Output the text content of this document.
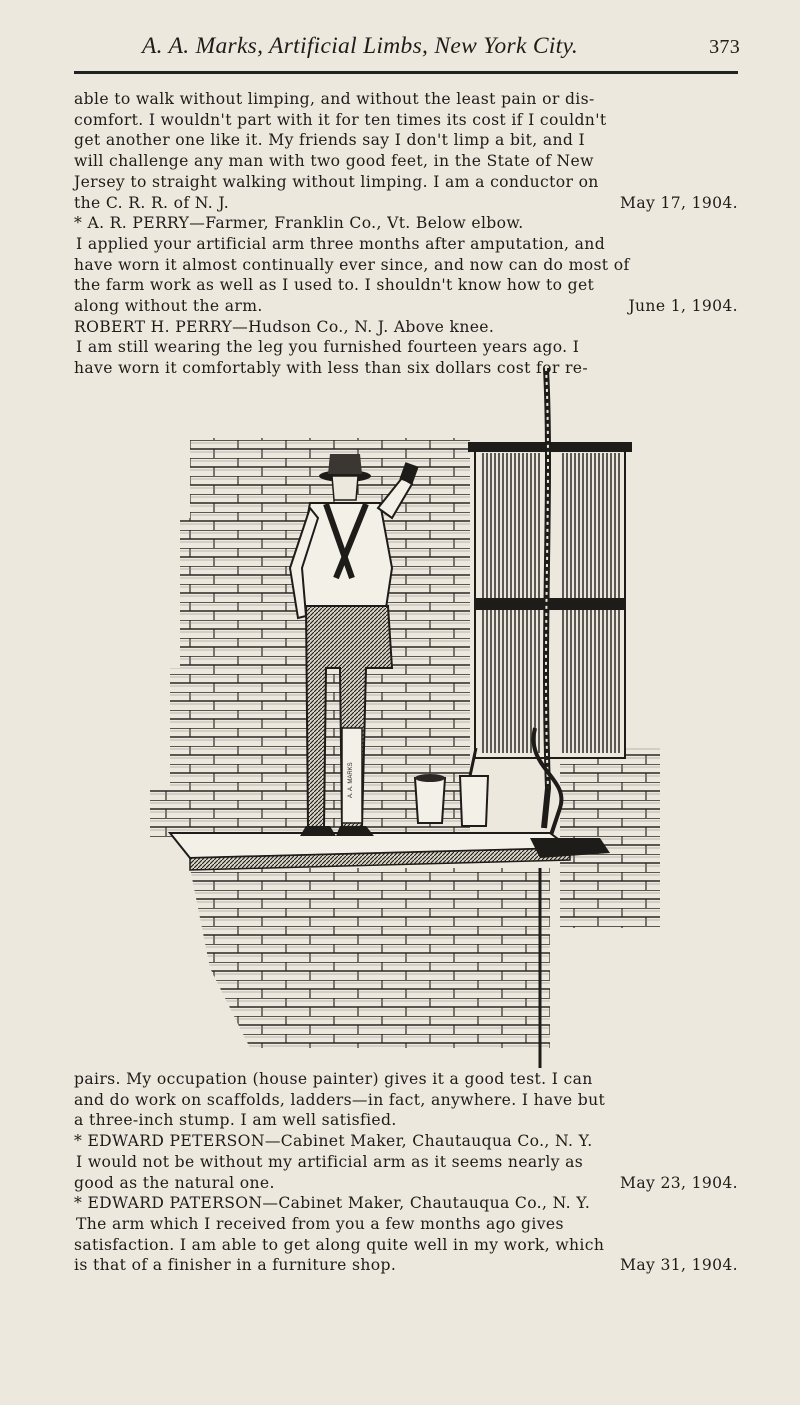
A. A. Marks, Artificial Limbs, New York City.	373

able to walk without limping, and without the least pain or dis-

comfort. I wouldn't part with it for ten times its cost if I couldn't

get another one like it. My friends say I don't limp a bit, and I

will challenge any man with two good feet, in the State of New

Jersey to straight walking without limping. I am a conductor on

the C. R. R. of N. J.	May 17, 1904.

* A. R. PERRY—Farmer, Franklin Co., Vt. Below elbow.

I applied your artificial arm three months after amputation, and

have worn it almost continually ever since, and now can do most of

the farm work as well as I used to. I shouldn't know how to get

along without the arm.	June 1, 1904.

ROBERT H. PERRY—Hudson Co., N. J. Above knee.

I am still wearing the leg you furnished fourteen years ago. I

have worn it comfortably with less than six dollars cost for re-

A. A. MARKS

pairs. My occupation (house painter) gives it a good test. I can

and do work on scaffolds, ladders—in fact, anywhere. I have but

a three-inch stump. I am well satisfied.

* EDWARD PETERSON—Cabinet Maker, Chautauqua Co., N. Y.

I would not be without my artificial arm as it seems nearly as

good as the natural one.	May 23, 1904.

* EDWARD PATERSON—Cabinet Maker, Chautauqua Co., N. Y.

The arm which I received from you a few months ago gives

satisfaction. I am able to get along quite well in my work, which

is that of a finisher in a furniture shop.	May 31, 1904.
